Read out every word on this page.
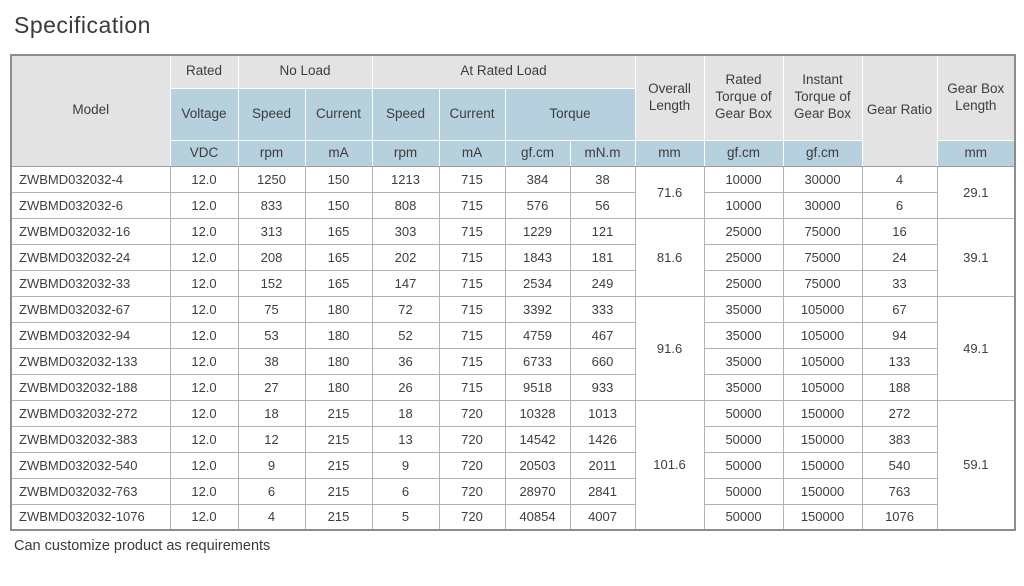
Specification
Model	Rated	No Load		At Rated Load				Overall Length	Rated Torque of Gear Box	Instant Torque of Gear Box	Gear Ratio	Gear Box Length
	Voltage	Speed	Current	Speed	Current	Torque						
	VDC	rpm	mA	rpm	mA	gf.cm	mN.m	mm	gf.cm	gf.cm		mm
ZWBMD032032-4	12.0	1250	150	1213	715	384	38	71.6	10000	30000	4	29.1
ZWBMD032032-6	12.0	833	150	808	715	576	56		10000	30000	6	
ZWBMD032032-16	12.0	313	165	303	715	1229	121	81.6	25000	75000	16	39.1
ZWBMD032032-24	12.0	208	165	202	715	1843	181		25000	75000	24	
ZWBMD032032-33	12.0	152	165	147	715	2534	249		25000	75000	33	
ZWBMD032032-67	12.0	75	180	72	715	3392	333	91.6	35000	105000	67	49.1
ZWBMD032032-94	12.0	53	180	52	715	4759	467		35000	105000	94	
ZWBMD032032-133	12.0	38	180	36	715	6733	660		35000	105000	133	
ZWBMD032032-188	12.0	27	180	26	715	9518	933		35000	105000	188	
ZWBMD032032-272	12.0	18	215	18	720	10328	1013	101.6	50000	150000	272	59.1
ZWBMD032032-383	12.0	12	215	13	720	14542	1426		50000	150000	383	
ZWBMD032032-540	12.0	9	215	9	720	20503	2011		50000	150000	540	
ZWBMD032032-763	12.0	6	215	6	720	28970	2841		50000	150000	763	
ZWBMD032032-1076	12.0	4	215	5	720	40854	4007		50000	150000	1076	

Can customize product as requirements
